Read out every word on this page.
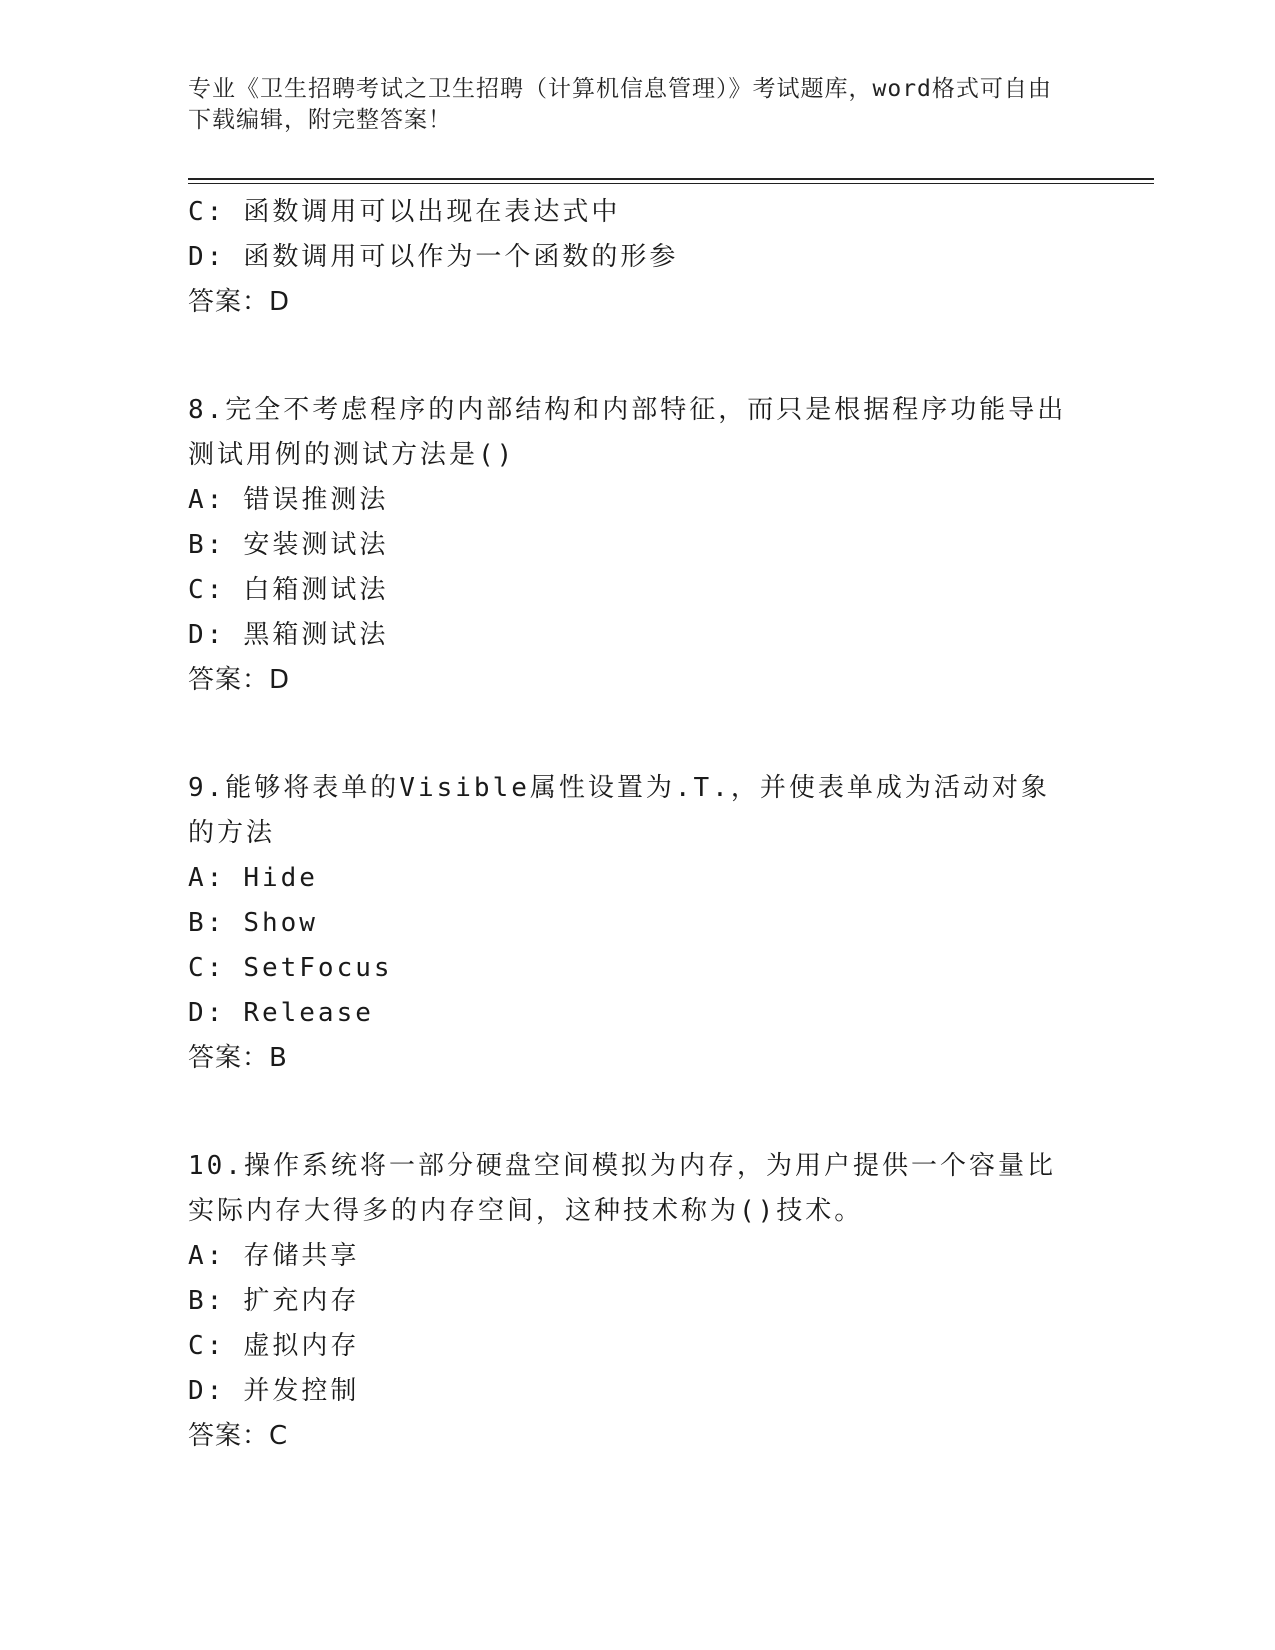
专业《卫生招聘考试之卫生招聘（计算机信息管理）》考试题库，word格式可自由下载编辑，附完整答案！
C: 函数调用可以出现在表达式中
D: 函数调用可以作为一个函数的形参
答案：D
8.完全不考虑程序的内部结构和内部特征，而只是根据程序功能导出测试用例的测试方法是()
A: 错误推测法
B: 安装测试法
C: 白箱测试法
D: 黑箱测试法
答案：D
9.能够将表单的Visible属性设置为.T.，并使表单成为活动对象的方法
A: Hide
B: Show
C: SetFocus
D: Release
答案：B
10.操作系统将一部分硬盘空间模拟为内存，为用户提供一个容量比实际内存大得多的内存空间，这种技术称为()技术。
A: 存储共享
B: 扩充内存
C: 虚拟内存
D: 并发控制
答案：C
